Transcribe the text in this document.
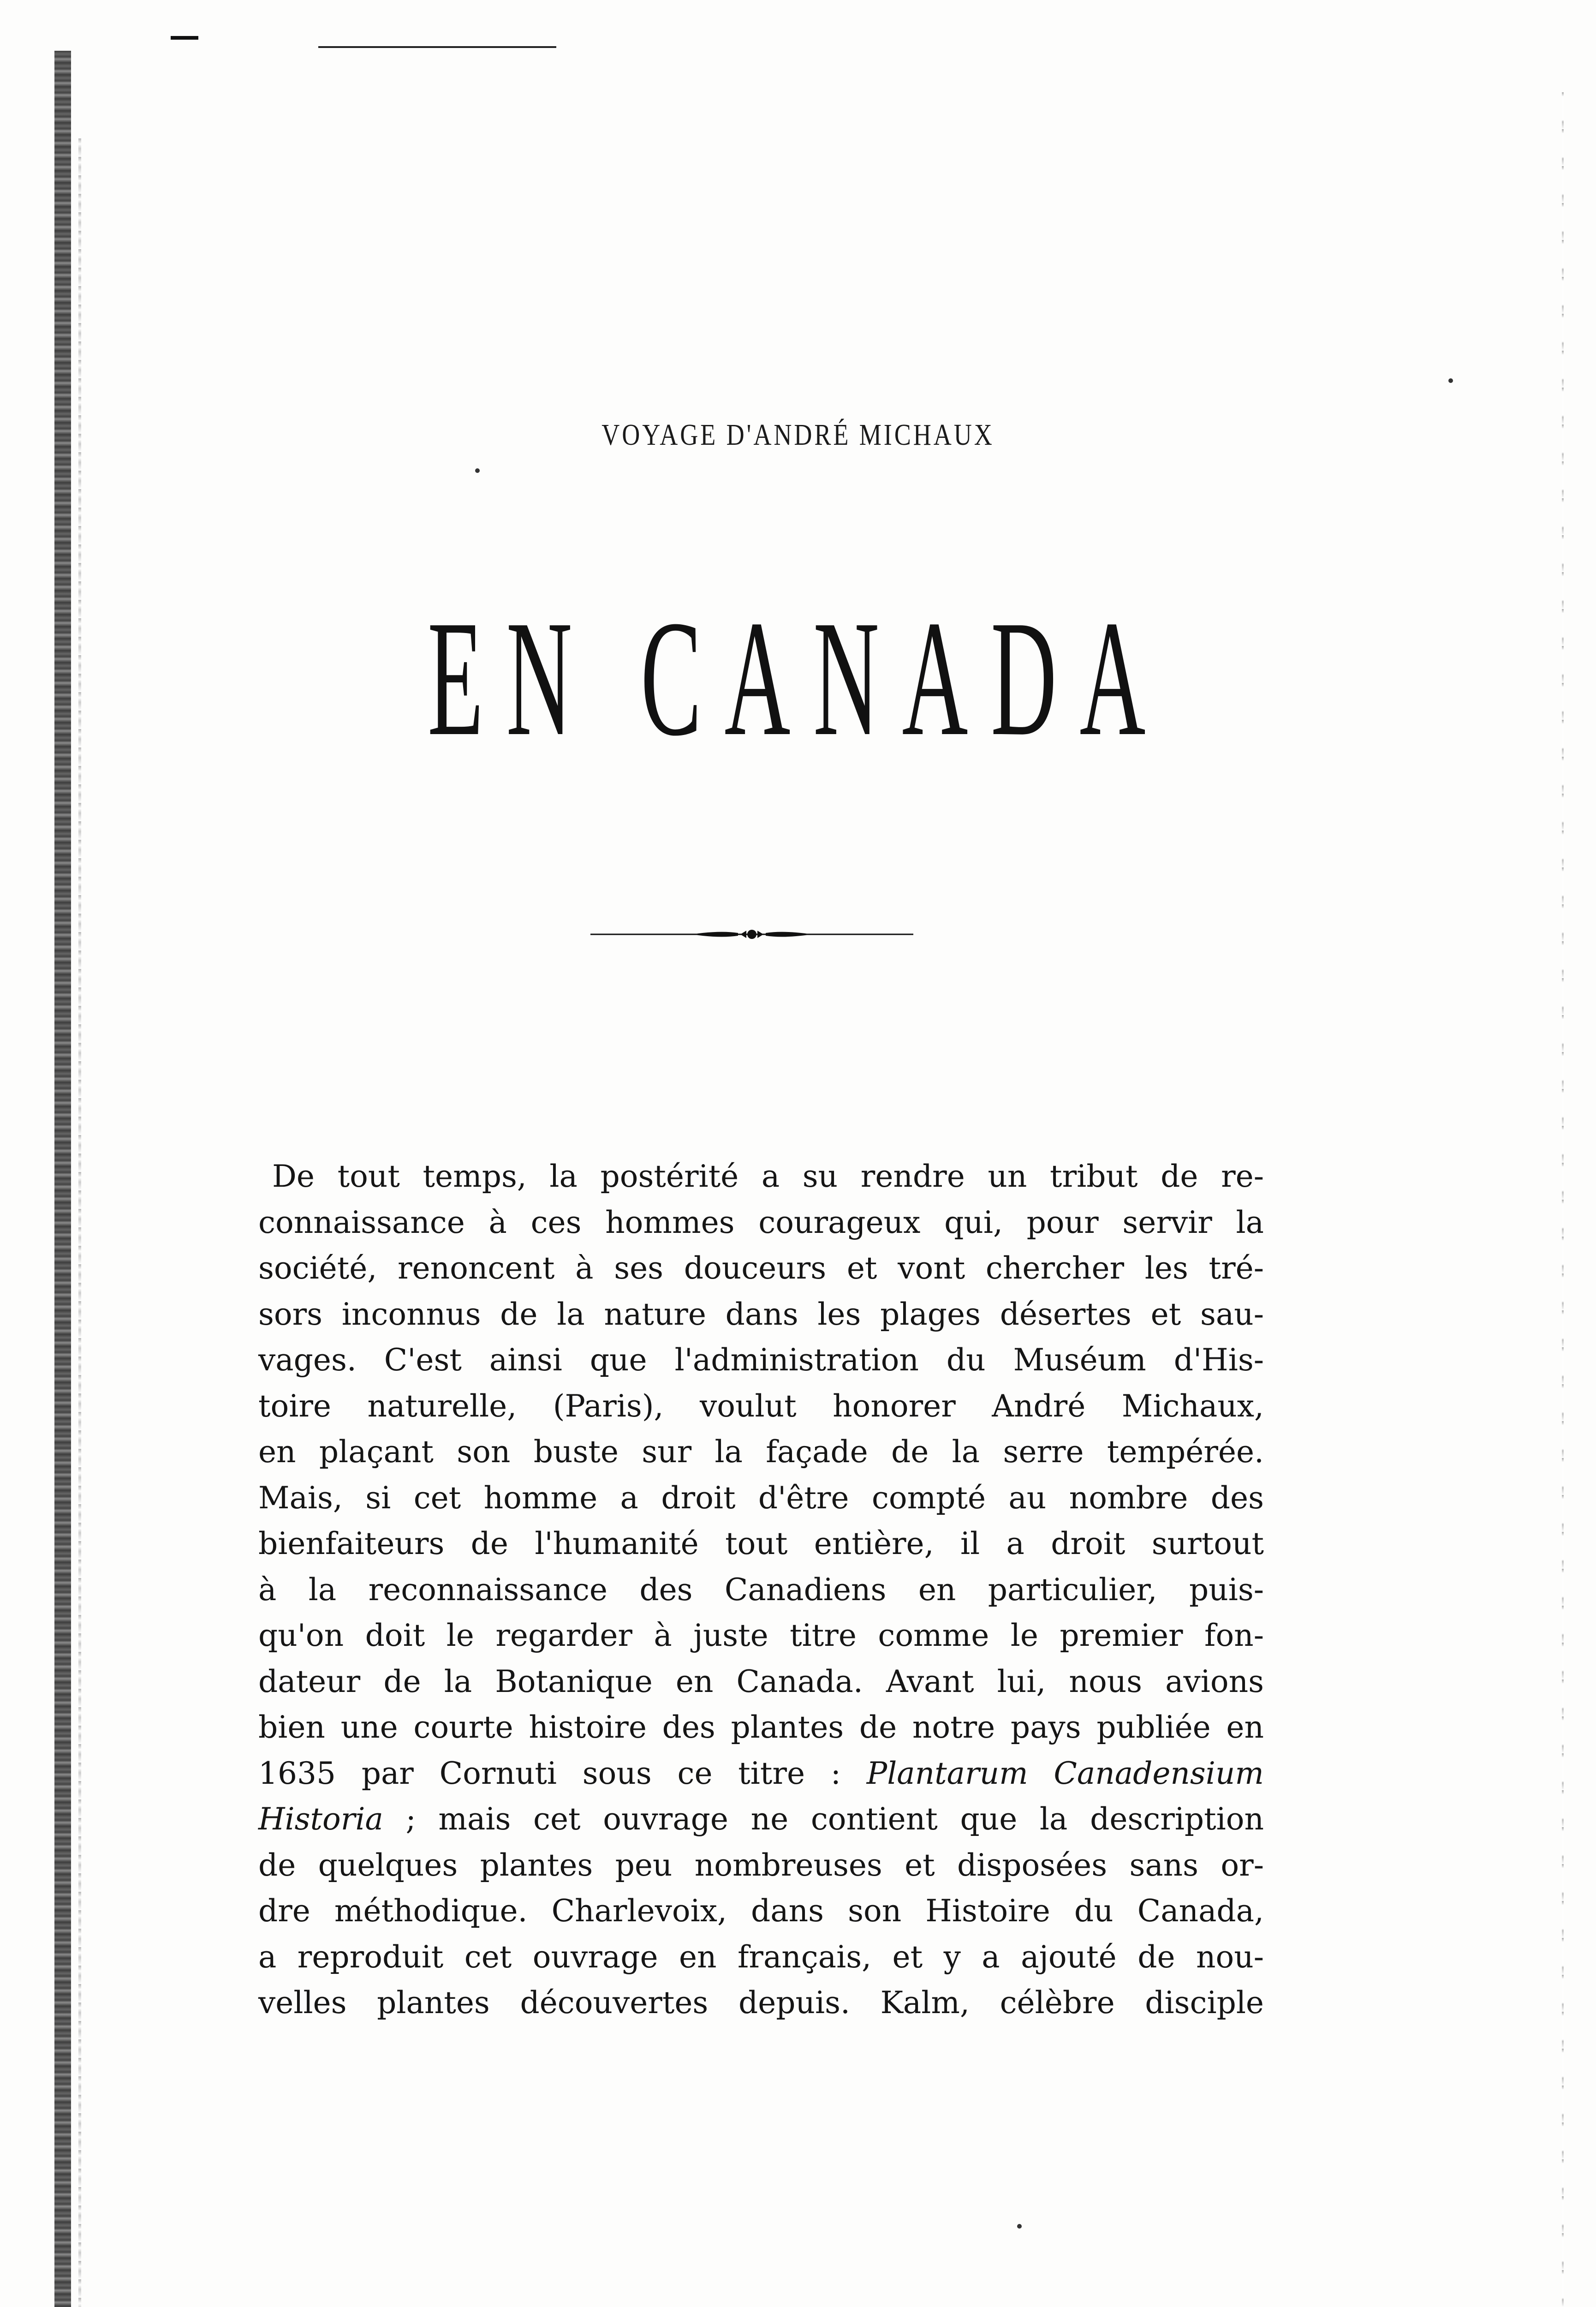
VOYAGE D'ANDRÉ MICHAUX
EN CANADA
De tout temps, la postérité a su rendre un tribut de re-
connaissance à ces hommes courageux qui, pour servir la
société, renoncent à ses douceurs et vont chercher les tré-
sors inconnus de la nature dans les plages désertes et sau-
vages. C'est ainsi que l'administration du Muséum d'His-
toire naturelle, (Paris), voulut honorer André Michaux,
en plaçant son buste sur la façade de la serre tempérée.
Mais, si cet homme a droit d'être compté au nombre des
bienfaiteurs de l'humanité tout entière, il a droit surtout
à la reconnaissance des Canadiens en particulier, puis-
qu'on doit le regarder à juste titre comme le premier fon-
dateur de la Botanique en Canada. Avant lui, nous avions
bien une courte histoire des plantes de notre pays publiée en
1635 par Cornuti sous ce titre : Plantarum Canadensium
Historia ; mais cet ouvrage ne contient que la description
de quelques plantes peu nombreuses et disposées sans or-
dre méthodique. Charlevoix, dans son Histoire du Canada,
a reproduit cet ouvrage en français, et y a ajouté de nou-
velles plantes découvertes depuis. Kalm, célèbre disciple
